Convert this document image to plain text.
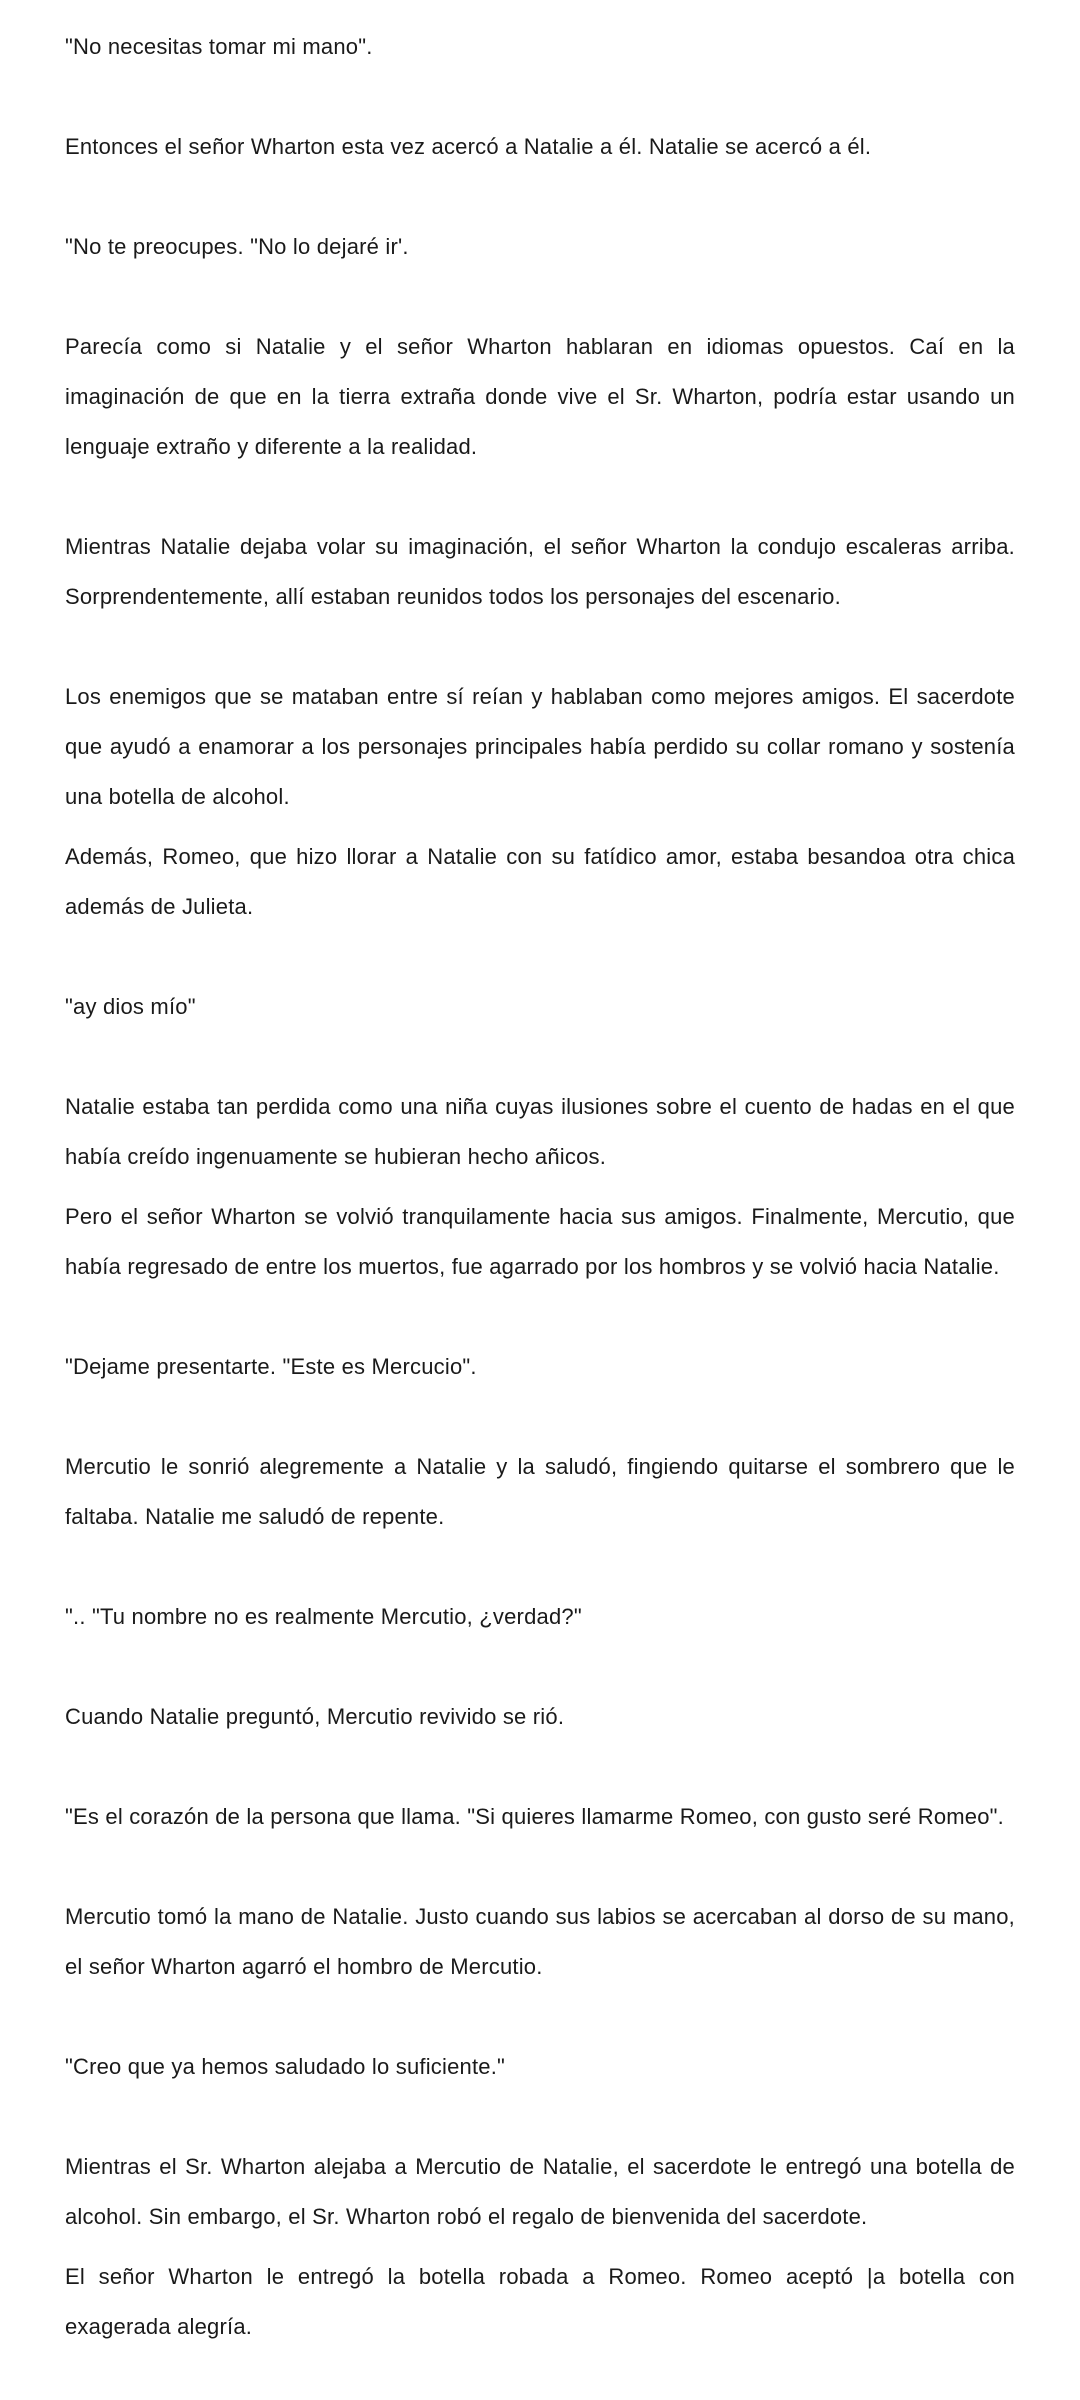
"No necesitas tomar mi mano".

Entonces el señor Wharton esta vez acercó a Natalie a él. Natalie se acercó a él.

"No te preocupes. "No lo dejaré ir'.

Parecía como si Natalie y el señor Wharton hablaran en idiomas opuestos. Caí en la imaginación de que en la tierra extraña donde vive el Sr. Wharton, podría estar usando un lenguaje extraño y diferente a la realidad.

Mientras Natalie dejaba volar su imaginación, el señor Wharton la condujo escaleras arriba. Sorprendentemente, allí estaban reunidos todos los personajes del escenario.

Los enemigos que se mataban entre sí reían y hablaban como mejores amigos. El sacerdote que ayudó a enamorar a los personajes principales había perdido su collar romano y sostenía una botella de alcohol.

Además, Romeo, que hizo llorar a Natalie con su fatídico amor, estaba besandoa otra chica además de Julieta.

"ay dios mío"

Natalie estaba tan perdida como una niña cuyas ilusiones sobre el cuento de hadas en el que había creído ingenuamente se hubieran hecho añicos.

Pero el señor Wharton se volvió tranquilamente hacia sus amigos. Finalmente, Mercutio, que había regresado de entre los muertos, fue agarrado por los hombros y se volvió hacia Natalie.

"Dejame presentarte. "Este es Mercucio".

Mercutio le sonrió alegremente a Natalie y la saludó, fingiendo quitarse el sombrero que le faltaba. Natalie me saludó de repente.

".. "Tu nombre no es realmente Mercutio, ¿verdad?"

Cuando Natalie preguntó, Mercutio revivido se rió.

"Es el corazón de la persona que llama. "Si quieres llamarme Romeo, con gusto seré Romeo".

Mercutio tomó la mano de Natalie. Justo cuando sus labios se acercaban al dorso de su mano, el señor Wharton agarró el hombro de Mercutio.

"Creo que ya hemos saludado lo suficiente."

Mientras el Sr. Wharton alejaba a Mercutio de Natalie, el sacerdote le entregó una botella de alcohol. Sin embargo, el Sr. Wharton robó el regalo de bienvenida del sacerdote.

El señor Wharton le entregó la botella robada a Romeo. Romeo aceptó |a botella con exagerada alegría.
